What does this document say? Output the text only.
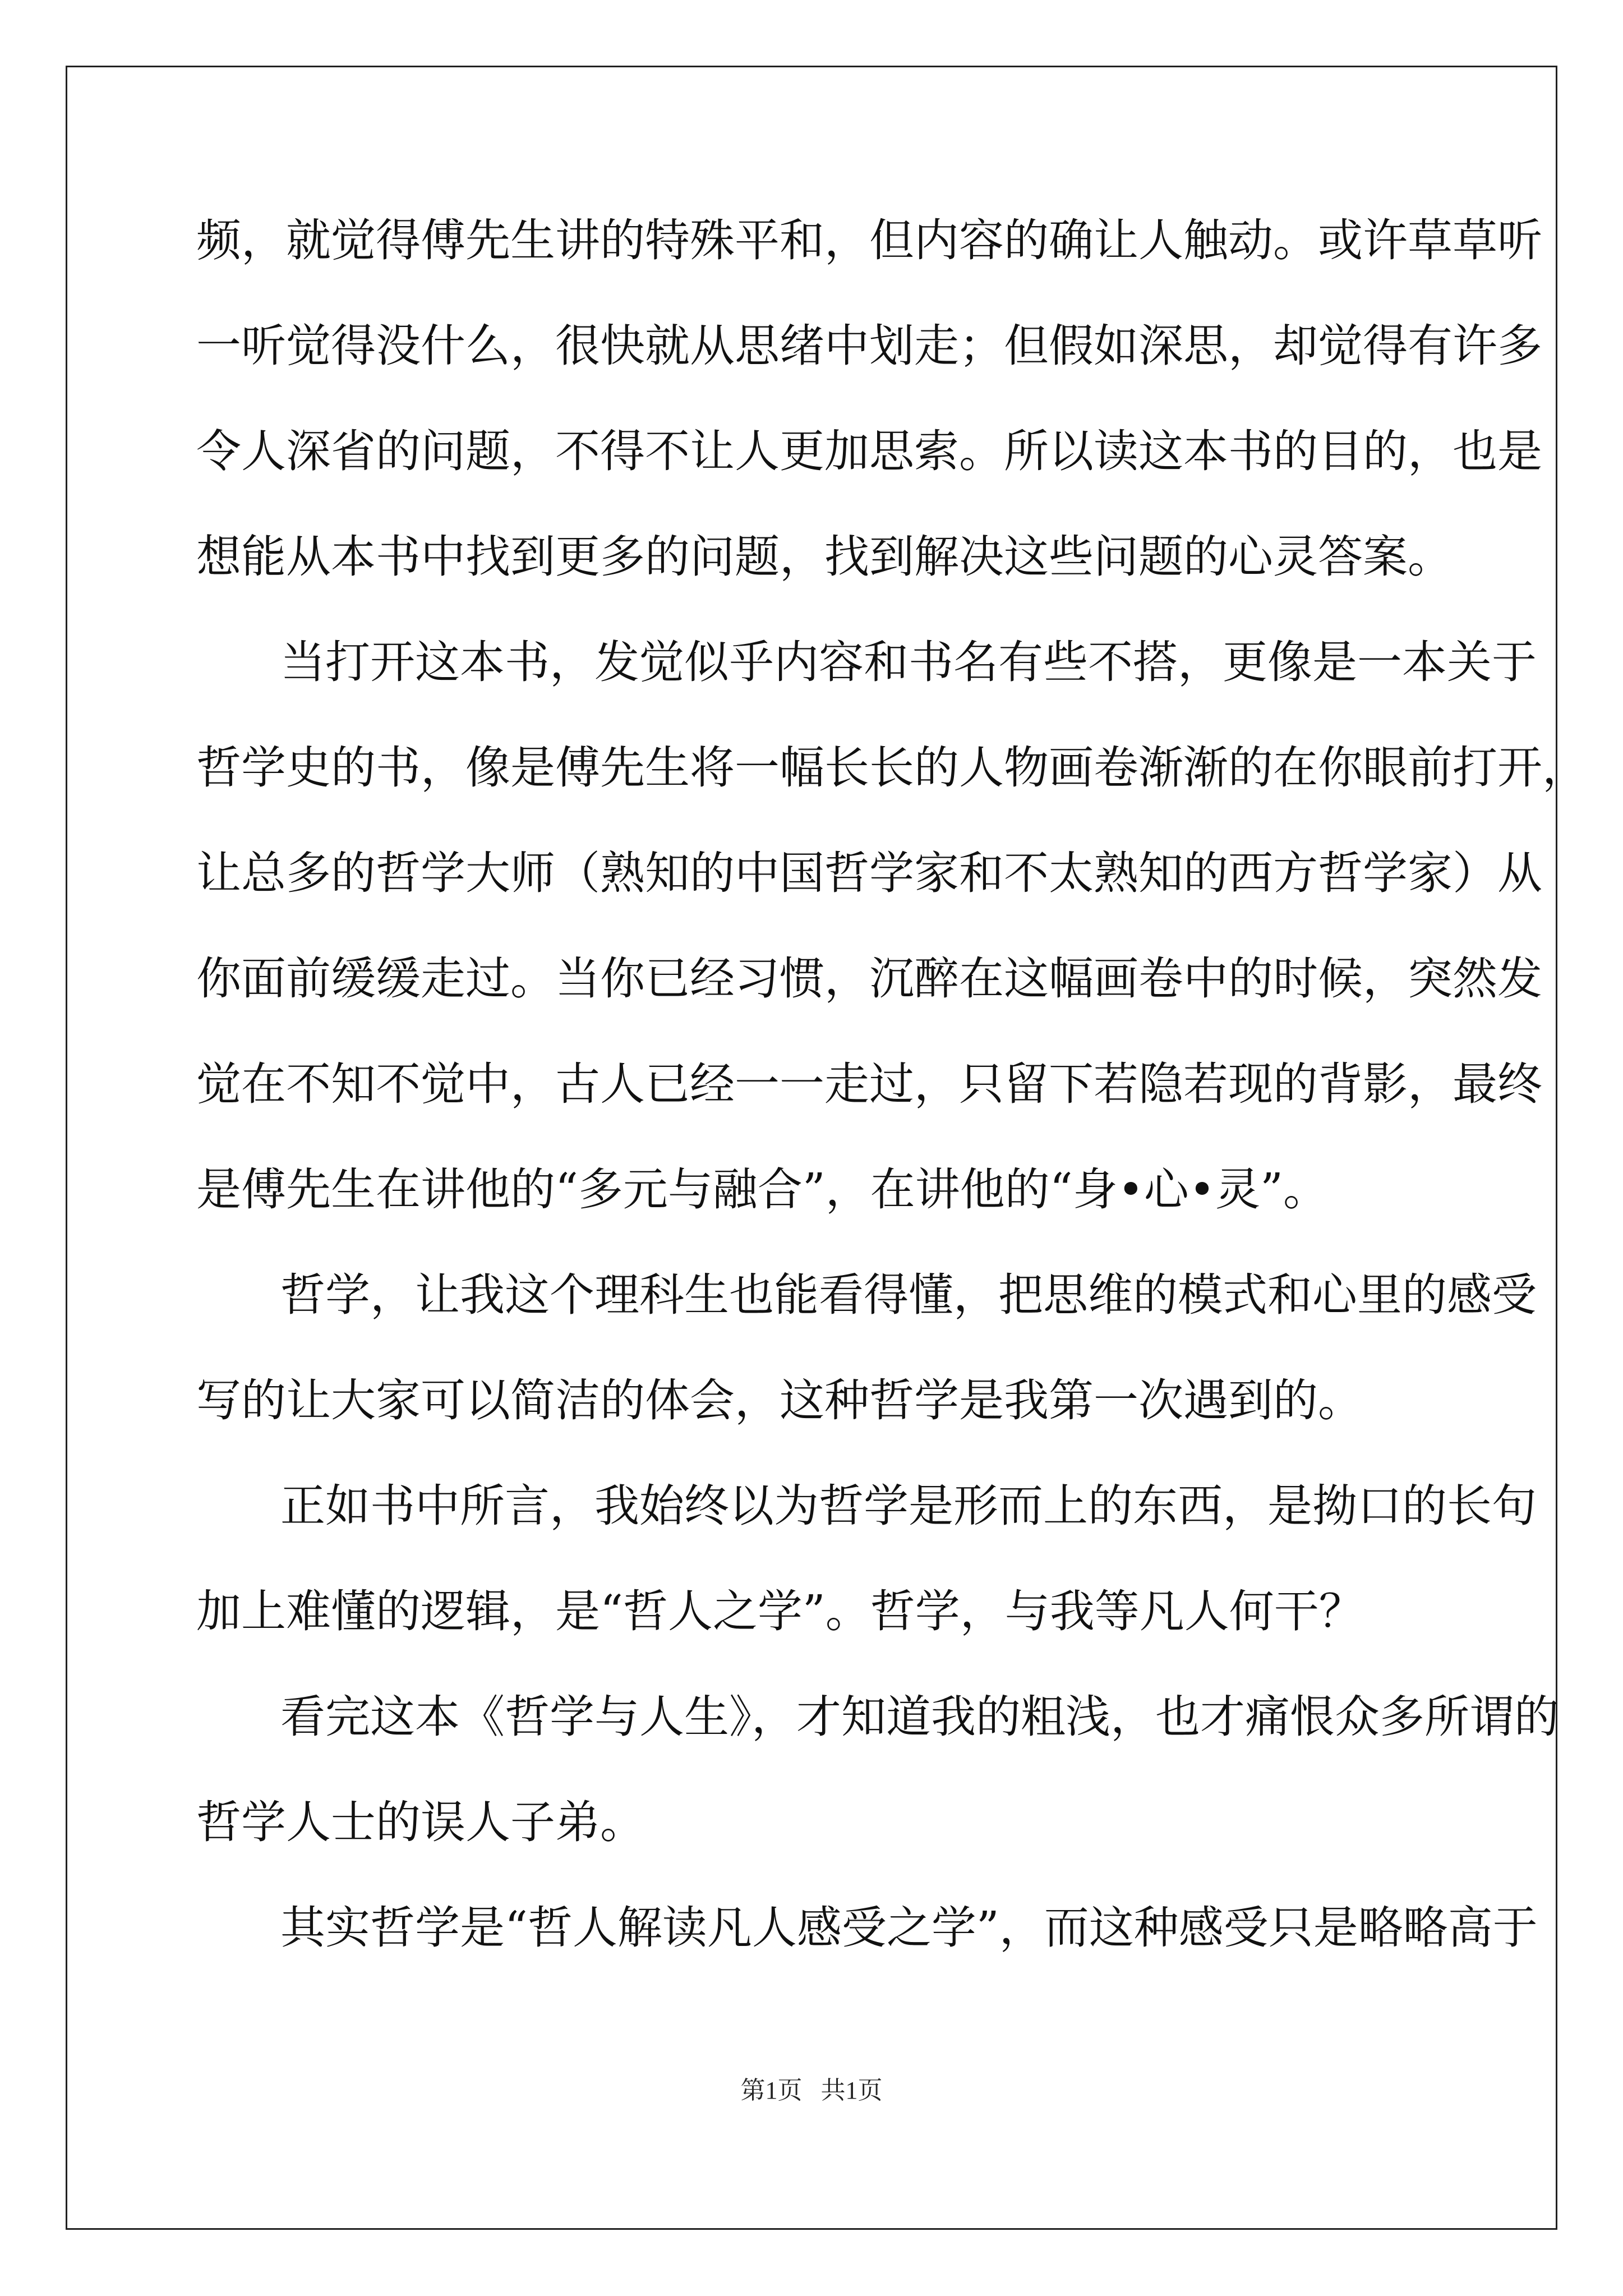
频，就觉得傅先生讲的特殊平和，但内容的确让人触动。或许草草听
一听觉得没什么，很快就从思绪中划走；但假如深思，却觉得有许多
令人深省的问题，不得不让人更加思索。所以读这本书的目的，也是
想能从本书中找到更多的问题，找到解决这些问题的心灵答案。
当打开这本书，发觉似乎内容和书名有些不搭，更像是一本关于
哲学史的书，像是傅先生将一幅长长的人物画卷渐渐的在你眼前打开，
让总多的哲学大师（熟知的中国哲学家和不太熟知的西方哲学家）从
你面前缓缓走过。当你已经习惯，沉醉在这幅画卷中的时候，突然发
觉在不知不觉中，古人已经一一走过，只留下若隐若现的背影，最终
是傅先生在讲他的“多元与融合”，在讲他的“身•心•灵”。
哲学，让我这个理科生也能看得懂，把思维的模式和心里的感受
写的让大家可以简洁的体会，这种哲学是我第一次遇到的。
正如书中所言，我始终以为哲学是形而上的东西，是拗口的长句
加上难懂的逻辑，是“哲人之学”。哲学，与我等凡人何干？
看完这本《哲学与人生》，才知道我的粗浅，也才痛恨众多所谓的
哲学人士的误人子弟。
其实哲学是“哲人解读凡人感受之学”，而这种感受只是略略高于
第1页 共1页
